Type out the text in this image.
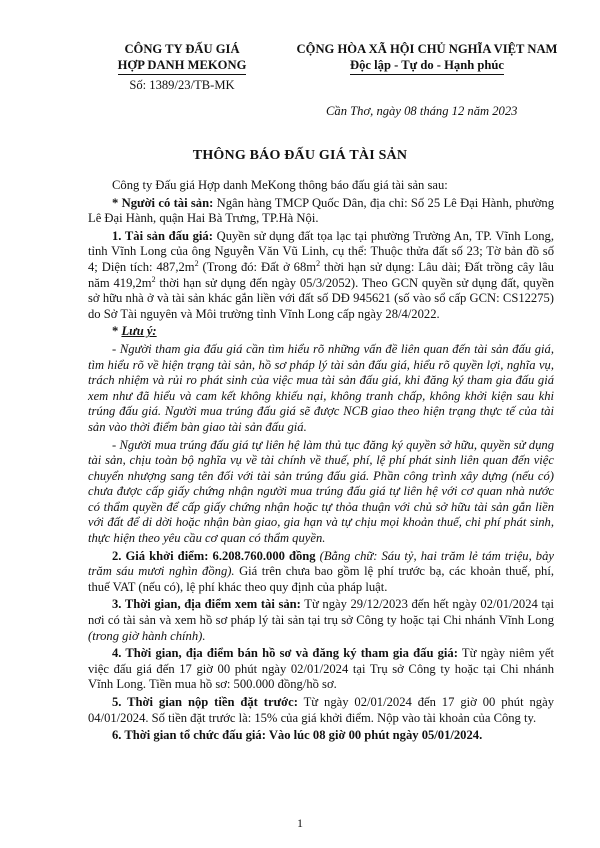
CÔNG TY ĐẤU GIÁ
HỢP DANH MEKONG
Số: 1389/23/TB-MK
CỘNG HÒA XÃ HỘI CHỦ NGHĨA VIỆT NAM
Độc lập - Tự do - Hạnh phúc
Cần Thơ, ngày 08 tháng 12 năm 2023
THÔNG BÁO ĐẤU GIÁ TÀI SẢN

Công ty Đấu giá Hợp danh MeKong thông báo đấu giá tài sản sau:

* Người có tài sản: Ngân hàng TMCP Quốc Dân, địa chỉ: Số 25 Lê Đại Hành, phường Lê Đại Hành, quận Hai Bà Trưng, TP.Hà Nội.

1. Tài sản đấu giá: Quyền sử dụng đất tọa lạc tại phường Trường An, TP. Vĩnh Long, tỉnh Vĩnh Long của ông Nguyễn Văn Vũ Linh, cụ thể: Thuộc thửa đất số 23; Tờ bản đồ số 4; Diện tích: $487,2m^2$ (Trong đó: Đất ở $68m^2$ thời hạn sử dụng: Lâu dài; Đất trồng cây lâu năm $419,2m^2$ thời hạn sử dụng đến ngày 05/3/2052). Theo GCN quyền sử dụng đất, quyền sở hữu nhà ở và tài sản khác gắn liền với đất số DĐ 945621 (số vào sổ cấp GCN: CS12275) do Sở Tài nguyên và Môi trường tỉnh Vĩnh Long cấp ngày 28/4/2022.

* Lưu ý:

- Người tham gia đấu giá cần tìm hiểu rõ những vấn đề liên quan đến tài sản đấu giá, tìm hiểu rõ về hiện trạng tài sản, hồ sơ pháp lý tài sản đấu giá, hiểu rõ quyền lợi, nghĩa vụ, trách nhiệm và rủi ro phát sinh của việc mua tài sản đấu giá, khi đăng ký tham gia đấu giá xem như đã hiểu và cam kết không khiếu nại, không tranh chấp, không khởi kiện sau khi trúng đấu giá. Người mua trúng đấu giá sẽ được NCB giao theo hiện trạng thực tế của tài sản vào thời điểm bàn giao tài sản đấu giá.

- Người mua trúng đấu giá tự liên hệ làm thủ tục đăng ký quyền sở hữu, quyền sử dụng tài sản, chịu toàn bộ nghĩa vụ về tài chính về thuế, phí, lệ phí phát sinh liên quan đến việc chuyển nhượng sang tên đối với tài sản trúng đấu giá. Phần công trình xây dựng (nếu có) chưa được cấp giấy chứng nhận người mua trúng đấu giá tự liên hệ với cơ quan nhà nước có thẩm quyền để cấp giấy chứng nhận hoặc tự thỏa thuận với chủ sở hữu tài sản gắn liền với đất để di dời hoặc nhận bàn giao, gia hạn và tự chịu mọi khoản thuế, chi phí phát sinh, thực hiện theo yêu cầu cơ quan có thẩm quyền.

2. Giá khởi điểm: 6.208.760.000 đồng (Bằng chữ: Sáu tỷ, hai trăm lẻ tám triệu, bảy trăm sáu mươi nghìn đồng). Giá trên chưa bao gồm lệ phí trước bạ, các khoản thuế, phí, thuế VAT (nếu có), lệ phí khác theo quy định của pháp luật.

3. Thời gian, địa điểm xem tài sản: Từ ngày 29/12/2023 đến hết ngày 02/01/2024 tại nơi có tài sản và xem hồ sơ pháp lý tài sản tại trụ sở Công ty hoặc tại Chi nhánh Vĩnh Long (trong giờ hành chính).

4. Thời gian, địa điểm bán hồ sơ và đăng ký tham gia đấu giá: Từ ngày niêm yết việc đấu giá đến 17 giờ 00 phút ngày 02/01/2024 tại Trụ sở Công ty hoặc tại Chi nhánh Vĩnh Long. Tiền mua hồ sơ: 500.000 đồng/hồ sơ.

5. Thời gian nộp tiền đặt trước: Từ ngày 02/01/2024 đến 17 giờ 00 phút ngày 04/01/2024. Số tiền đặt trước là: 15% của giá khởi điểm. Nộp vào tài khoản của Công ty.

6. Thời gian tổ chức đấu giá: Vào lúc 08 giờ 00 phút ngày 05/01/2024.

1
